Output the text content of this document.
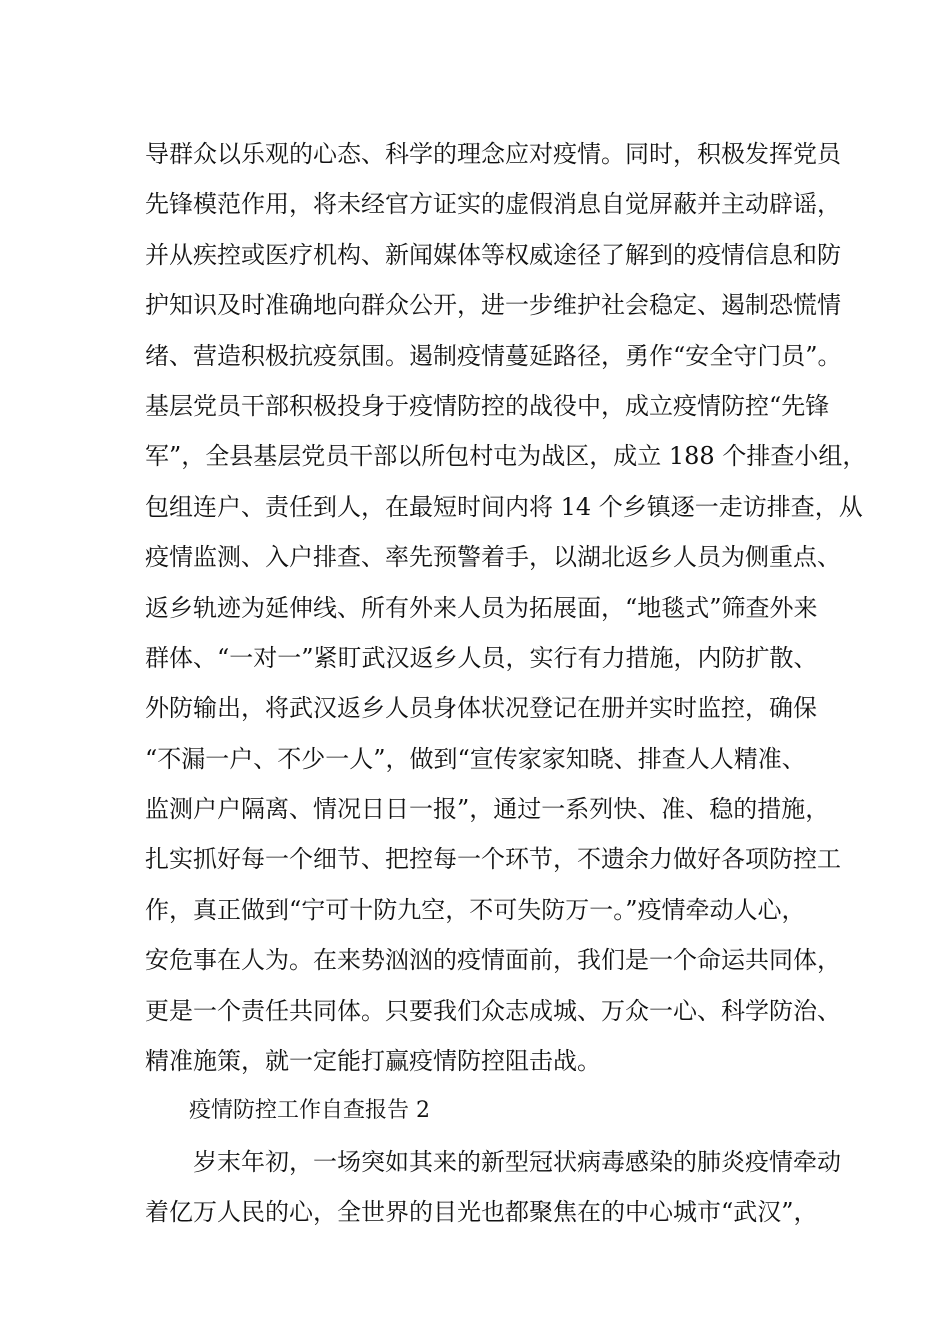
导群众以乐观的心态、科学的理念应对疫情。同时，积极发挥党员
先锋模范作用，将未经官方证实的虚假消息自觉屏蔽并主动辟谣，
并从疾控或医疗机构、新闻媒体等权威途径了解到的疫情信息和防
护知识及时准确地向群众公开，进一步维护社会稳定、遏制恐慌情
绪、营造积极抗疫氛围。遏制疫情蔓延路径，勇作“安全守门员”。
基层党员干部积极投身于疫情防控的战役中，成立疫情防控“先锋
军”，全县基层党员干部以所包村屯为战区，成立 188 个排查小组，
包组连户、责任到人，在最短时间内将 14 个乡镇逐一走访排查，从
疫情监测、入户排查、率先预警着手，以湖北返乡人员为侧重点、
返乡轨迹为延伸线、所有外来人员为拓展面，“地毯式”筛查外来
群体、“一对一”紧盯武汉返乡人员，实行有力措施，内防扩散、
外防输出，将武汉返乡人员身体状况登记在册并实时监控，确保
“不漏一户、不少一人”，做到“宣传家家知晓、排查人人精准、
监测户户隔离、情况日日一报”，通过一系列快、准、稳的措施，
扎实抓好每一个细节、把控每一个环节，不遗余力做好各项防控工
作，真正做到“宁可十防九空，不可失防万一。”疫情牵动人心，
安危事在人为。在来势汹汹的疫情面前，我们是一个命运共同体，
更是一个责任共同体。只要我们众志成城、万众一心、科学防治、
精准施策，就一定能打赢疫情防控阻击战。
疫情防控工作自查报告 2
岁末年初，一场突如其来的新型冠状病毒感染的肺炎疫情牵动
着亿万人民的心，全世界的目光也都聚焦在的中心城市“武汉”，
